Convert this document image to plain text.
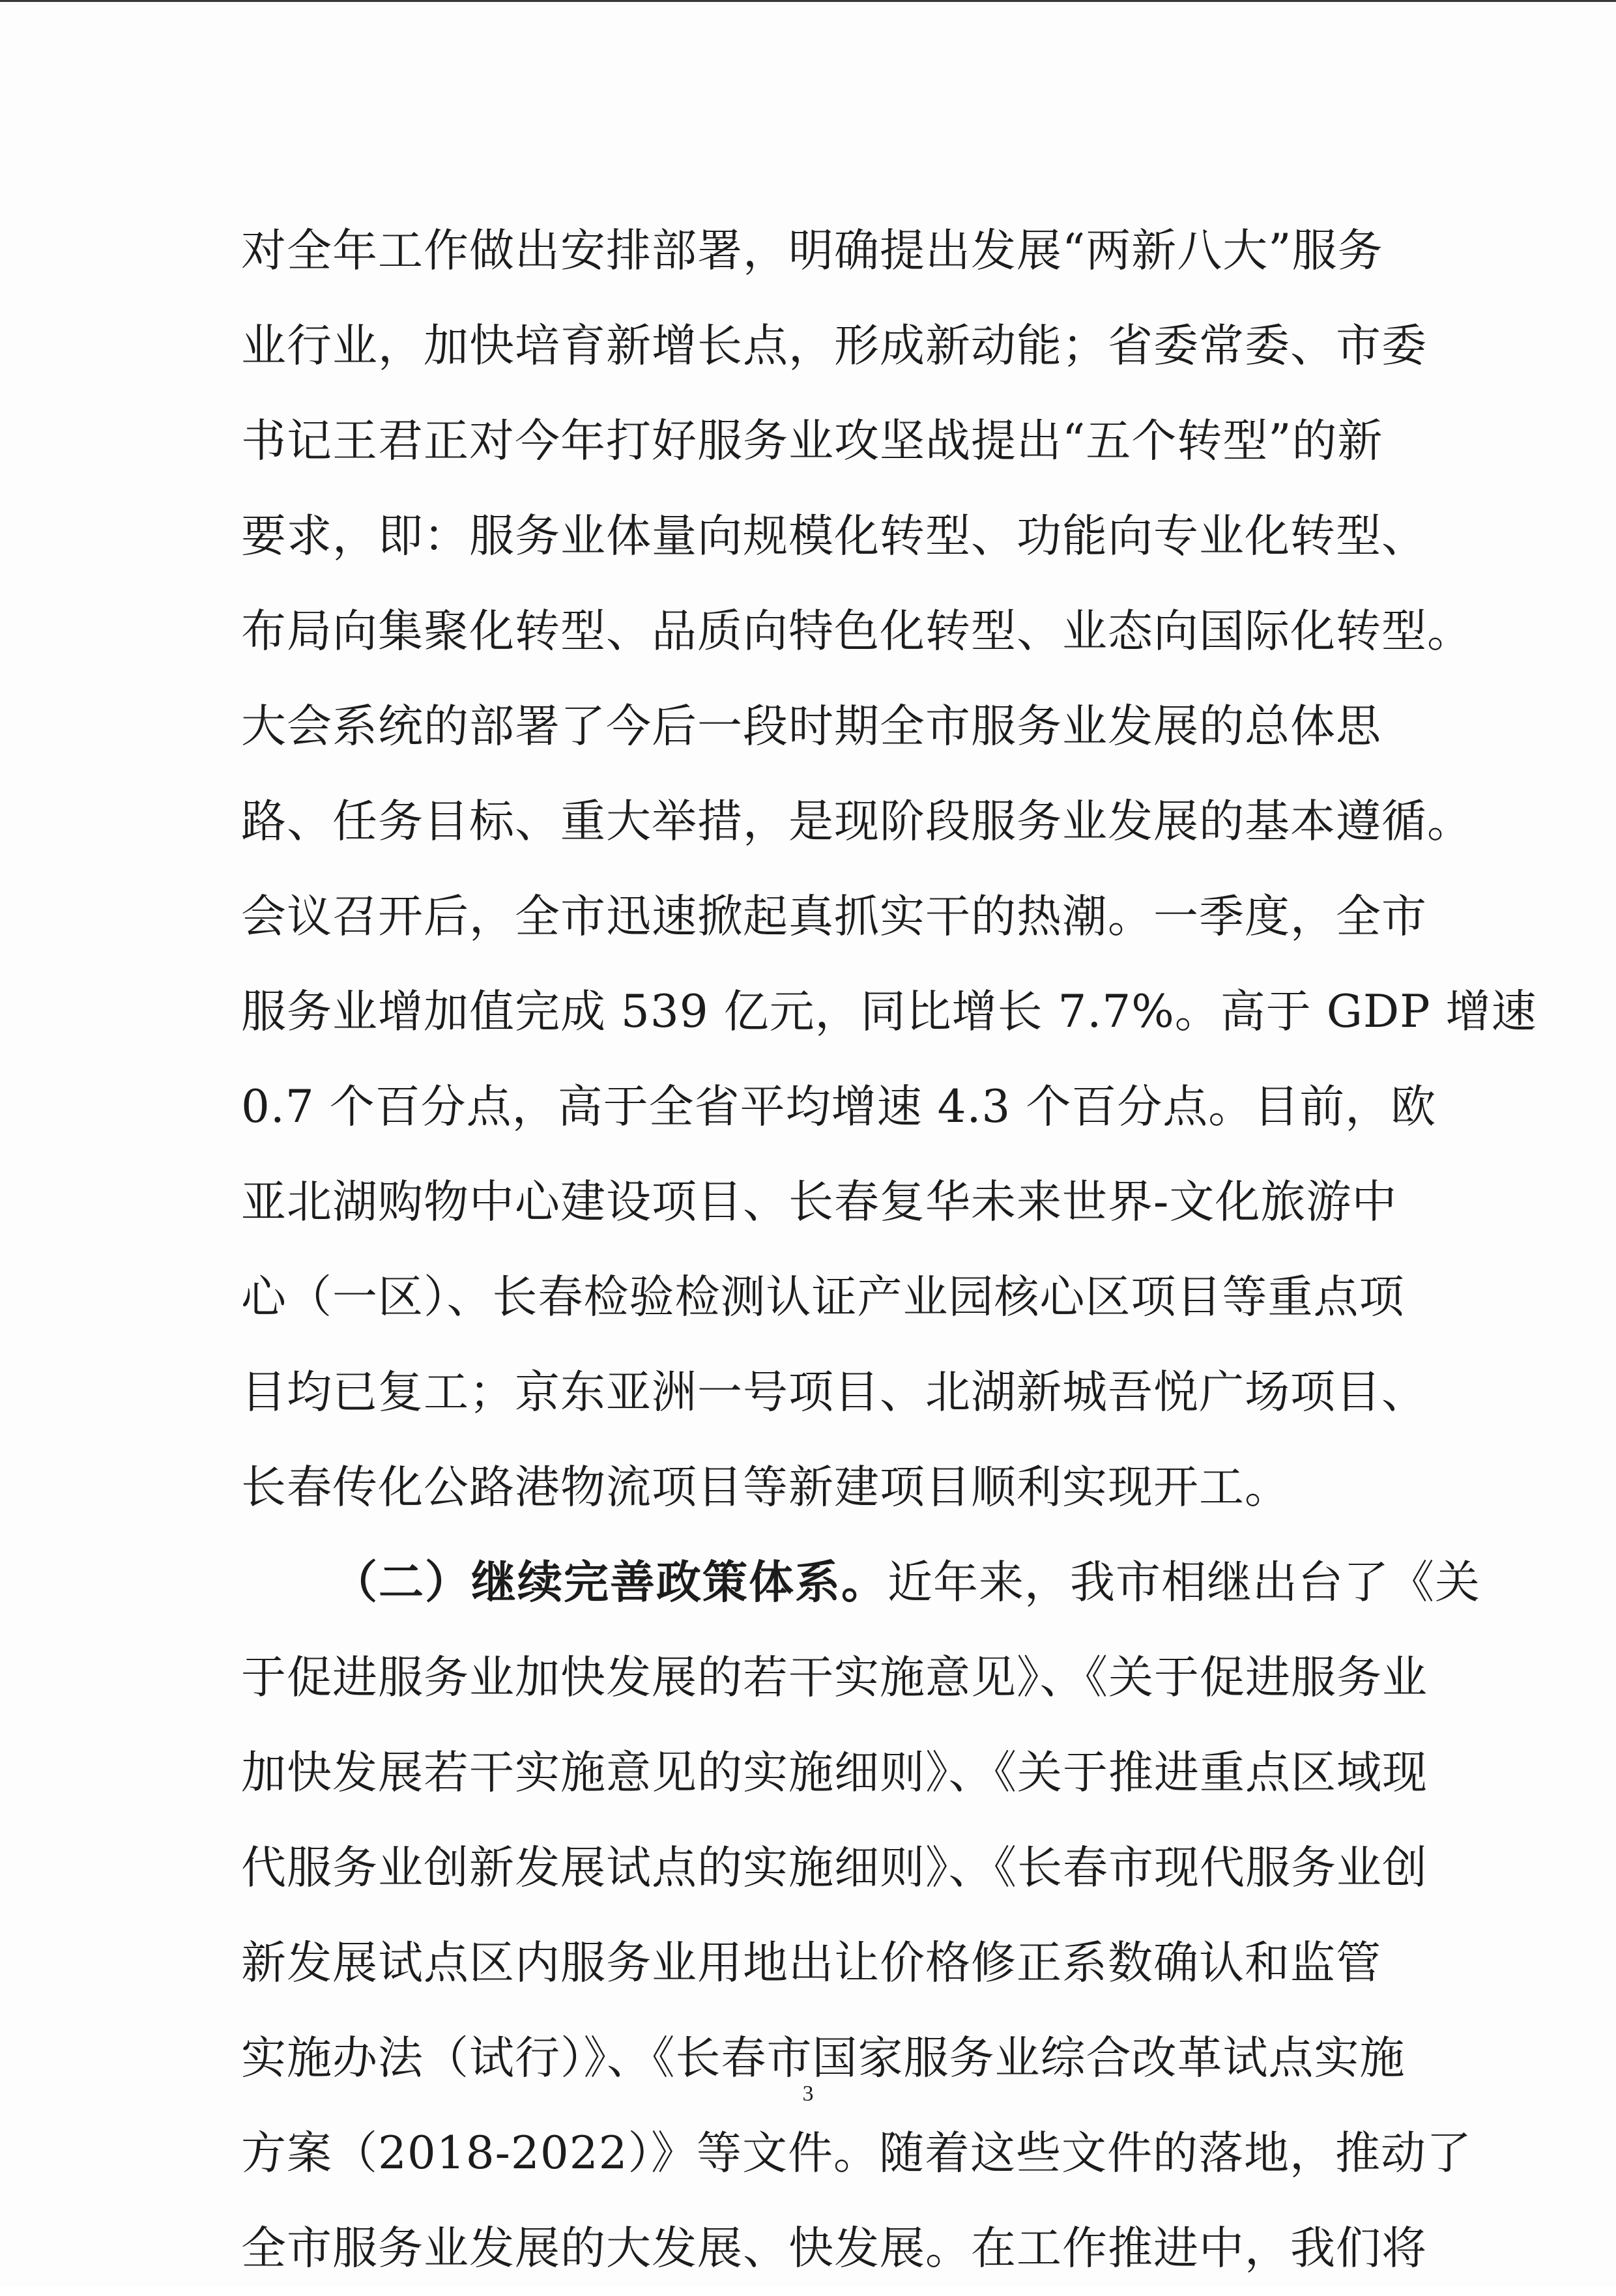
对全年工作做出安排部署，明确提出发展“两新八大”服务
业行业，加快培育新增长点，形成新动能；省委常委、市委
书记王君正对今年打好服务业攻坚战提出“五个转型”的新
要求，即：服务业体量向规模化转型、功能向专业化转型、
布局向集聚化转型、品质向特色化转型、业态向国际化转型。
大会系统的部署了今后一段时期全市服务业发展的总体思
路、任务目标、重大举措，是现阶段服务业发展的基本遵循。
会议召开后，全市迅速掀起真抓实干的热潮。一季度，全市
服务业增加值完成 539 亿元，同比增长 7.7%。高于 GDP 增速
0.7 个百分点，高于全省平均增速 4.3 个百分点。目前，欧
亚北湖购物中心建设项目、长春复华未来世界-文化旅游中
心（一区）、长春检验检测认证产业园核心区项目等重点项
目均已复工；京东亚洲一号项目、北湖新城吾悦广场项目、
长春传化公路港物流项目等新建项目顺利实现开工。
（二）继续完善政策体系。近年来，我市相继出台了《关
于促进服务业加快发展的若干实施意见》、《关于促进服务业
加快发展若干实施意见的实施细则》、《关于推进重点区域现
代服务业创新发展试点的实施细则》、《长春市现代服务业创
新发展试点区内服务业用地出让价格修正系数确认和监管
实施办法（试行）》、《长春市国家服务业综合改革试点实施
方案（2018-2022）》等文件。随着这些文件的落地，推动了
全市服务业发展的大发展、快发展。在工作推进中，我们将
3
